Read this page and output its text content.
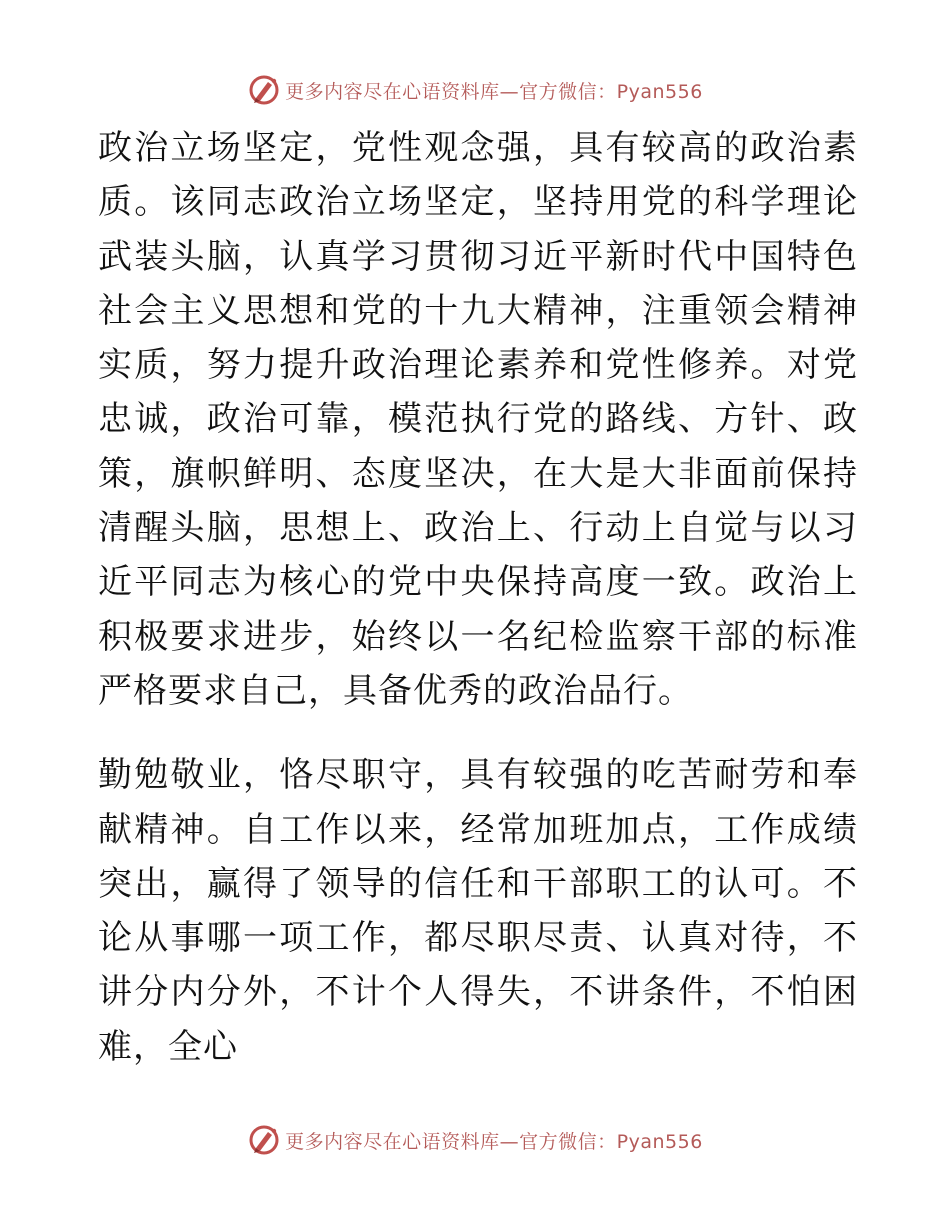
更多内容尽在心语资料库—官方微信：Pyan556

政治立场坚定，党性观念强，具有较高的政治素质。该同志政治立场坚定，坚持用党的科学理论武装头脑，认真学习贯彻习近平新时代中国特色社会主义思想和党的十九大精神，注重领会精神实质，努力提升政治理论素养和党性修养。对党忠诚，政治可靠，模范执行党的路线、方针、政策，旗帜鲜明、态度坚决，在大是大非面前保持清醒头脑，思想上、政治上、行动上自觉与以习近平同志为核心的党中央保持高度一致。政治上积极要求进步，始终以一名纪检监察干部的标准严格要求自己，具备优秀的政治品行。

勤勉敬业，恪尽职守，具有较强的吃苦耐劳和奉献精神。自工作以来，经常加班加点，工作成绩突出，赢得了领导的信任和干部职工的认可。不论从事哪一项工作，都尽职尽责、认真对待，不讲分内分外，不计个人得失，不讲条件，不怕困难，全心

更多内容尽在心语资料库—官方微信：Pyan556
